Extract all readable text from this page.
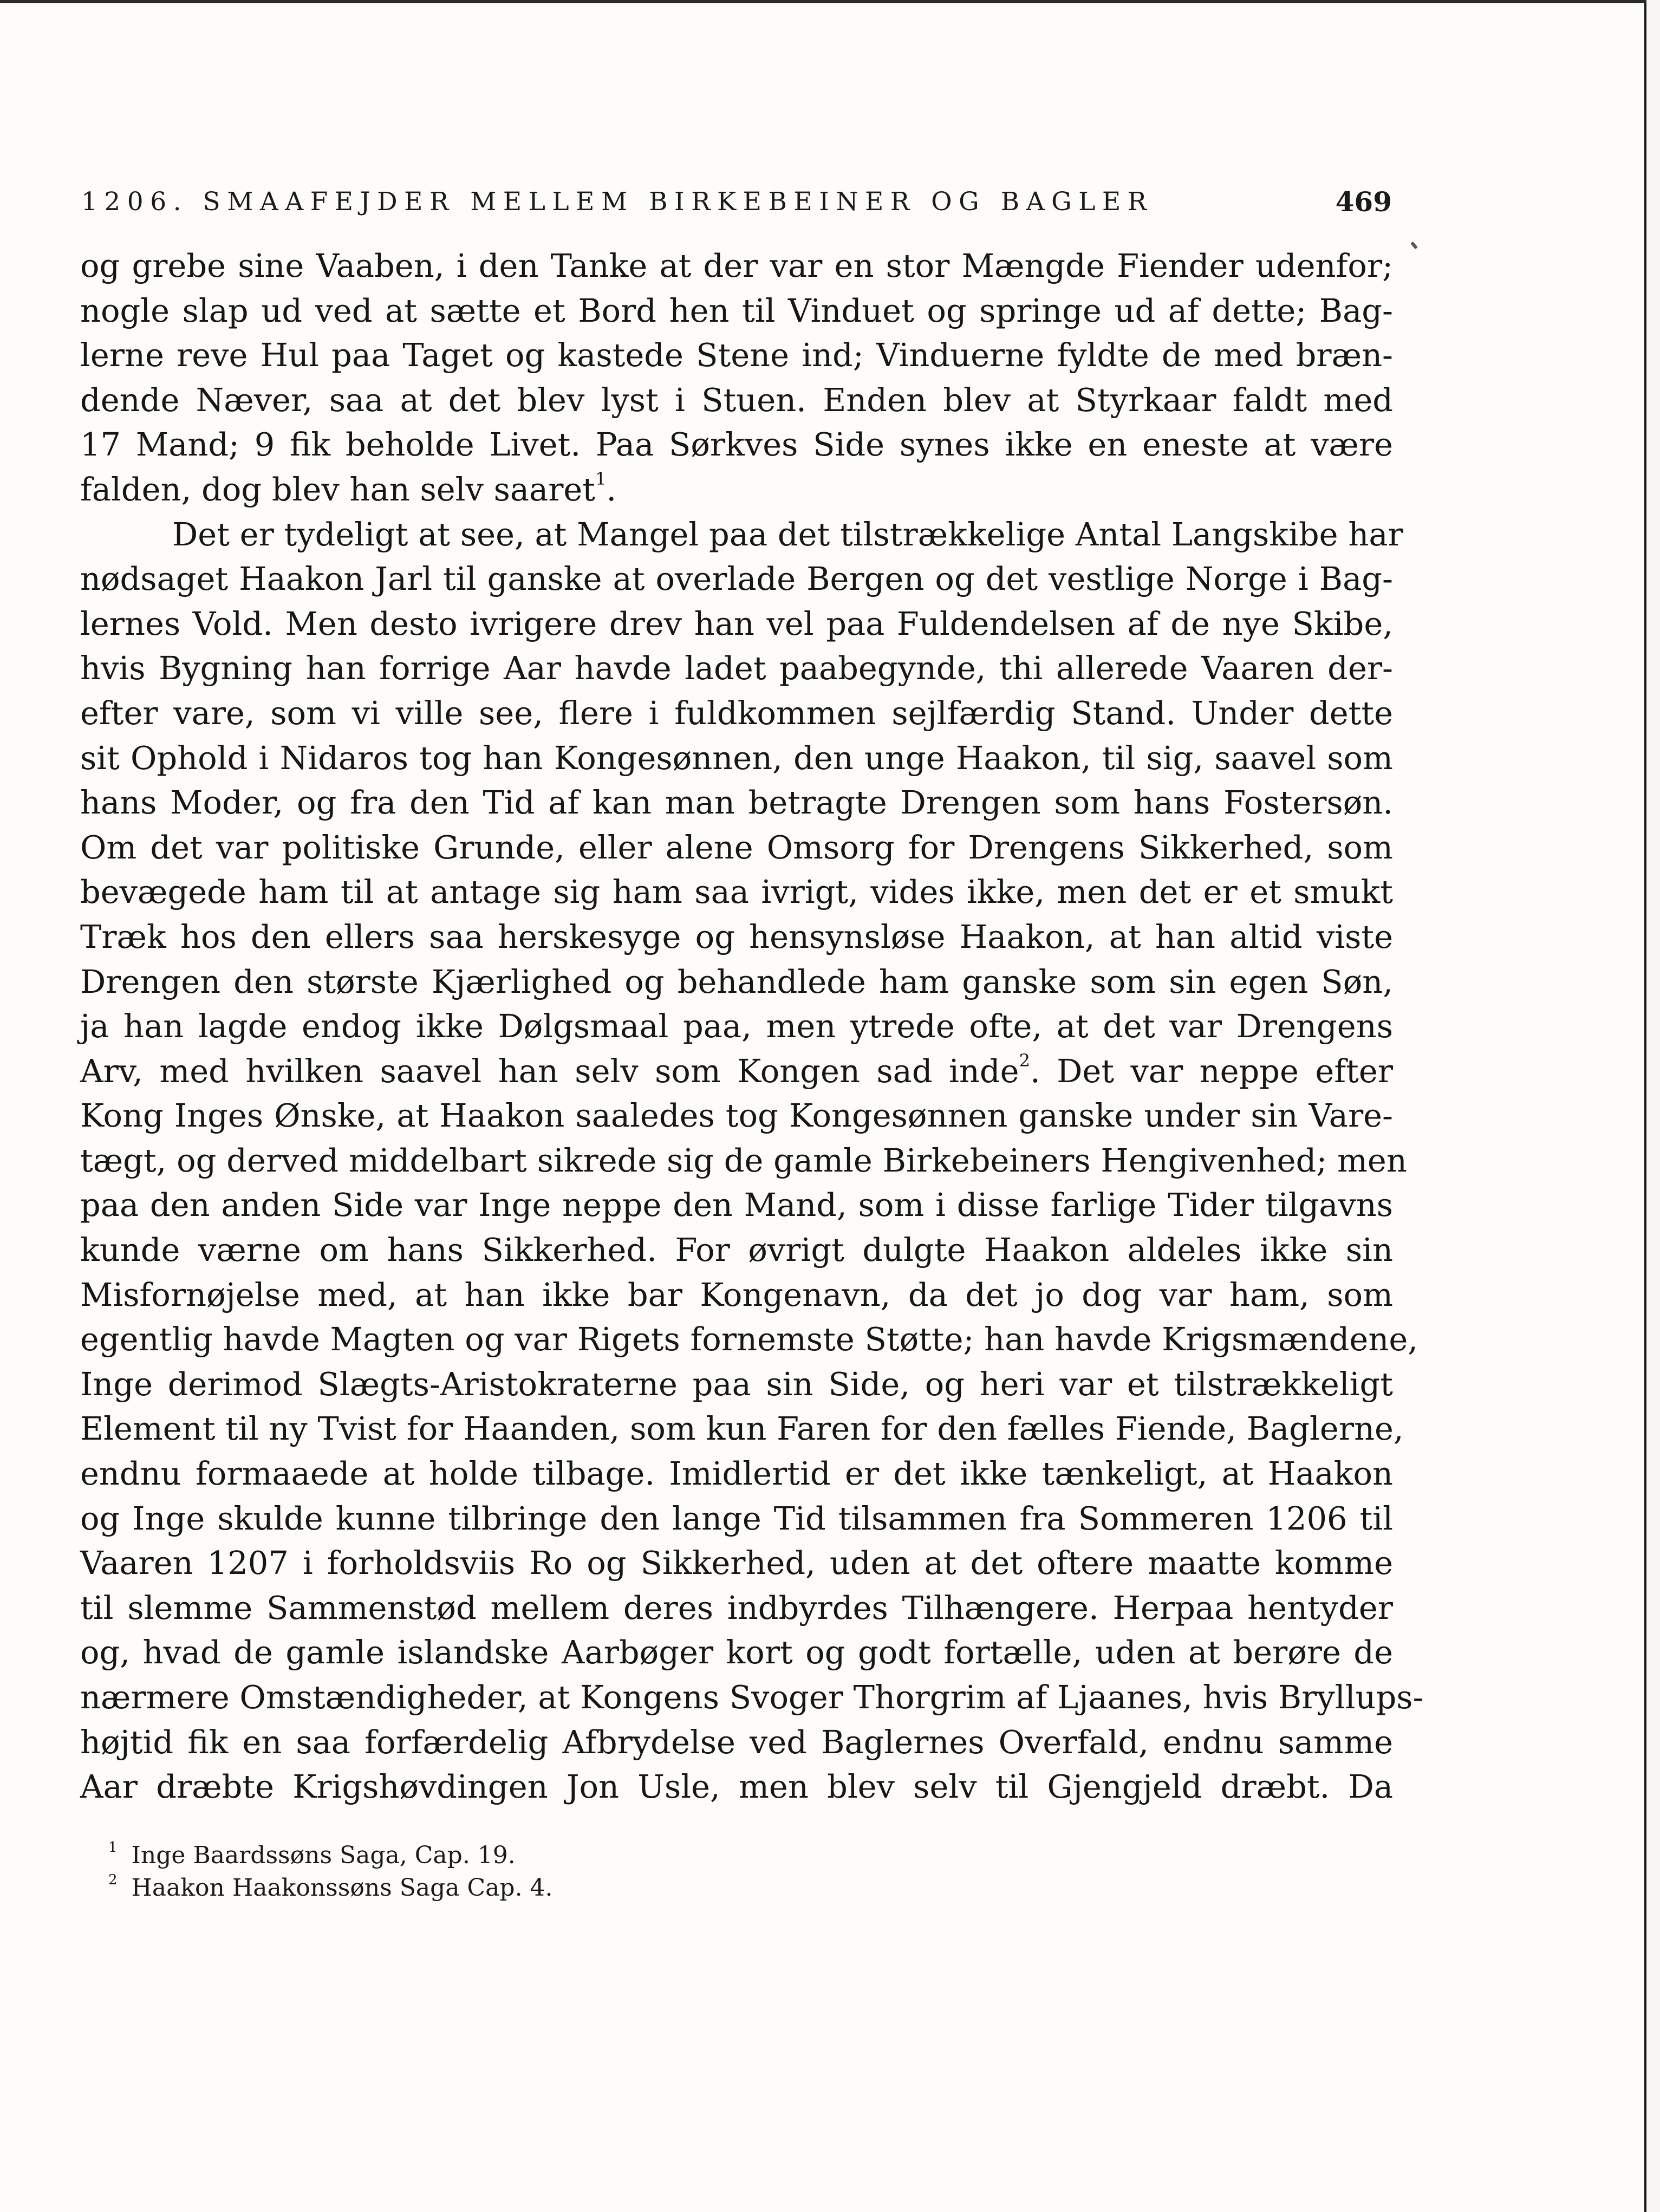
1206. SMAAFEJDER MELLEM BIRKEBEINER OG BAGLER	469

og grebe sine Vaaben, i den Tanke at der var en stor Mængde Fiender udenfor;
nogle slap ud ved at sætte et Bord hen til Vinduet og springe ud af dette; Bag-
lerne reve Hul paa Taget og kastede Stene ind; Vinduerne fyldte de med bræn-
dende Næver, saa at det blev lyst i Stuen. Enden blev at Styrkaar faldt med
17 Mand; 9 fik beholde Livet. Paa Sørkves Side synes ikke en eneste at være
falden, dog blev han selv saaret$^1$.

Det er tydeligt at see, at Mangel paa det tilstrækkelige Antal Langskibe har
nødsaget Haakon Jarl til ganske at overlade Bergen og det vestlige Norge i Bag-
lernes Vold. Men desto ivrigere drev han vel paa Fuldendelsen af de nye Skibe,
hvis Bygning han forrige Aar havde ladet paabegynde, thi allerede Vaaren der-
efter vare, som vi ville see, flere i fuldkommen sejlfærdig Stand. Under dette
sit Ophold i Nidaros tog han Kongesønnen, den unge Haakon, til sig, saavel som
hans Moder, og fra den Tid af kan man betragte Drengen som hans Fostersøn.
Om det var politiske Grunde, eller alene Omsorg for Drengens Sikkerhed, som
bevægede ham til at antage sig ham saa ivrigt, vides ikke, men det er et smukt
Træk hos den ellers saa herskesyge og hensynsløse Haakon, at han altid viste
Drengen den største Kjærlighed og behandlede ham ganske som sin egen Søn,
ja han lagde endog ikke Dølgsmaal paa, men ytrede ofte, at det var Drengens
Arv, med hvilken saavel han selv som Kongen sad inde$^2$. Det var neppe efter
Kong Inges Ønske, at Haakon saaledes tog Kongesønnen ganske under sin Vare-
tægt, og derved middelbart sikrede sig de gamle Birkebeiners Hengivenhed; men
paa den anden Side var Inge neppe den Mand, som i disse farlige Tider tilgavns
kunde værne om hans Sikkerhed. For øvrigt dulgte Haakon aldeles ikke sin
Misfornøjelse med, at han ikke bar Kongenavn, da det jo dog var ham, som
egentlig havde Magten og var Rigets fornemste Støtte; han havde Krigsmændene,
Inge derimod Slægts-Aristokraterne paa sin Side, og heri var et tilstrækkeligt
Element til ny Tvist for Haanden, som kun Faren for den fælles Fiende, Baglerne,
endnu formaaede at holde tilbage. Imidlertid er det ikke tænkeligt, at Haakon
og Inge skulde kunne tilbringe den lange Tid tilsammen fra Sommeren 1206 til
Vaaren 1207 i forholdsviis Ro og Sikkerhed, uden at det oftere maatte komme
til slemme Sammenstød mellem deres indbyrdes Tilhængere. Herpaa hentyder
og, hvad de gamle islandske Aarbøger kort og godt fortælle, uden at berøre de
nærmere Omstændigheder, at Kongens Svoger Thorgrim af Ljaanes, hvis Bryllups-
højtid fik en saa forfærdelig Afbrydelse ved Baglernes Overfald, endnu samme
Aar dræbte Krigshøvdingen Jon Usle, men blev selv til Gjengjeld dræbt. Da

$^1$ Inge Baardssøns Saga, Cap. 19.
$^2$ Haakon Haakonssøns Saga Cap. 4.
